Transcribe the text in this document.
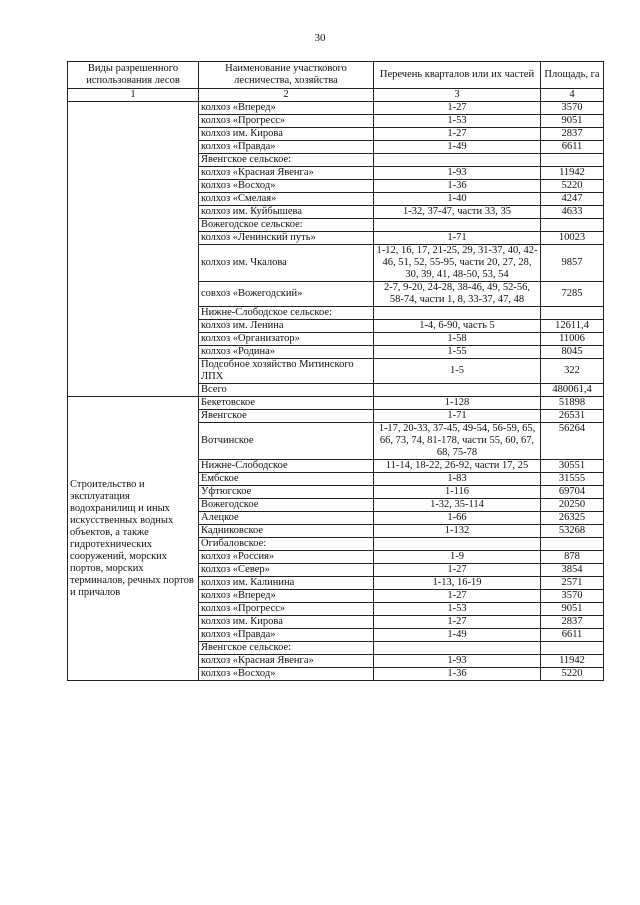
30
Виды разрешенного использования лесов	Наименование участкового лесничества, хозяйства	Перечень кварталов или их частей	Площадь, га
1	2	3	4
	колхоз «Вперед»	1-27	3570
	колхоз «Прогресс»	1-53	9051
	колхоз им. Кирова	1-27	2837
	колхоз «Правда»	1-49	6611
	Явенгское сельское:		
	колхоз «Красная Явенга»	1-93	11942
	колхоз «Восход»	1-36	5220
	колхоз «Смелая»	1-40	4247
	колхоз им. Куйбышева	1-32, 37-47, части 33, 35	4633
	Вожегодское сельское:		
	колхоз «Ленинский путь»	1-71	10023
	колхоз им. Чкалова	1-12, 16, 17, 21-25, 29, 31-37, 40, 42-46, 51, 52, 55-95, части 20, 27, 28, 30, 39, 41, 48-50, 53, 54	9857
	совхоз «Вожегодский»	2-7, 9-20, 24-28, 38-46, 49, 52-56, 58-74, части 1, 8, 33-37, 47, 48	7285
	Нижне-Слободское сельское:		
	колхоз им. Ленина	1-4, 6-90, часть 5	12611,4
	колхоз «Организатор»	1-58	11006
	колхоз «Родина»	1-55	8045
	Подсобное хозяйство Митинского ЛПХ	1-5	322
	Всего		480061,4
Строительство и эксплуатация водохранилищ и иных искусственных водных объектов, а также гидротехнических сооружений, морских портов, морских терминалов, речных портов и причалов	Бекетовское	1-128	51898
	Явенгское	1-71	26531
	Вотчинское	1-17, 20-33, 37-45, 49-54, 56-59, 65, 66, 73, 74, 81-178, части 55, 60, 67, 68, 75-78	56264
	Нижне-Слободское	11-14, 18-22, 26-92, части 17, 25	30551
	Ембское	1-83	31555
	Уфтюгское	1-116	69704
	Вожегодское	1-32, 35-114	20250
	Алецкое	1-66	26325
	Кадниковское	1-132	53268
	Огибаловское:		
	колхоз «Россия»	1-9	878
	колхоз «Север»	1-27	3854
	колхоз им. Калинина	1-13, 16-19	2571
	колхоз «Вперед»	1-27	3570
	колхоз «Прогресс»	1-53	9051
	колхоз им. Кирова	1-27	2837
	колхоз «Правда»	1-49	6611
	Явенгское сельское:		
	колхоз «Красная Явенга»	1-93	11942
	колхоз «Восход»	1-36	5220
